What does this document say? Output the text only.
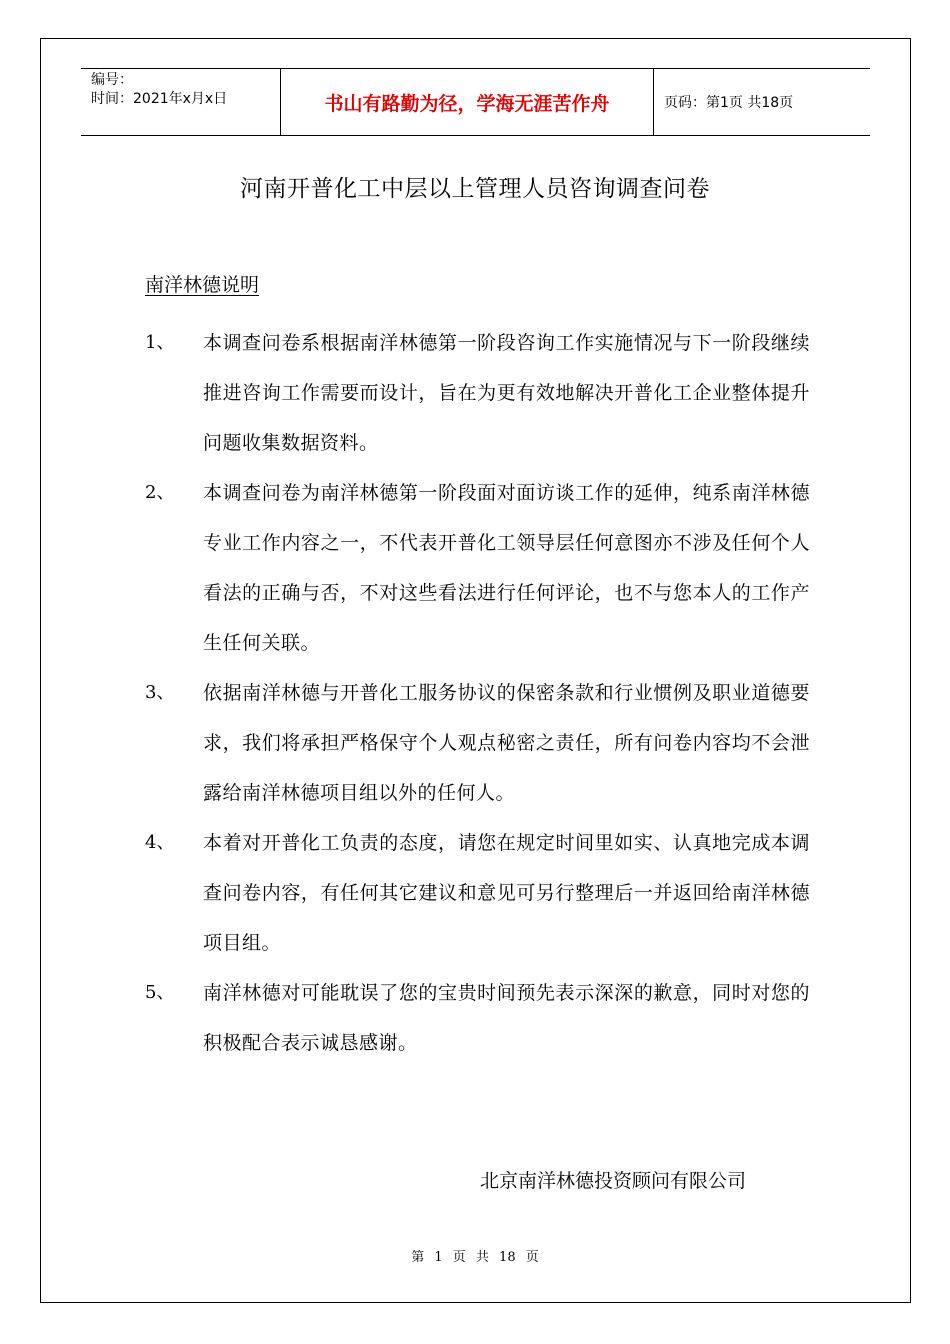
编号：
时间：2021年x月x日	书山有路勤为径，学海无涯苦作舟	页码：第1页 共18页
河南开普化工中层以上管理人员咨询调查问卷
南洋林德说明
1、	本调查问卷系根据南洋林德第一阶段咨询工作实施情况与下一阶段继续推进咨询工作需要而设计，旨在为更有效地解决开普化工企业整体提升问题收集数据资料。
2、	本调查问卷为南洋林德第一阶段面对面访谈工作的延伸，纯系南洋林德专业工作内容之一，不代表开普化工领导层任何意图亦不涉及任何个人看法的正确与否，不对这些看法进行任何评论，也不与您本人的工作产生任何关联。
3、	依据南洋林德与开普化工服务协议的保密条款和行业惯例及职业道德要求，我们将承担严格保守个人观点秘密之责任，所有问卷内容均不会泄露给南洋林德项目组以外的任何人。
4、	本着对开普化工负责的态度，请您在规定时间里如实、认真地完成本调查问卷内容，有任何其它建议和意见可另行整理后一并返回给南洋林德项目组。
5、	南洋林德对可能耽误了您的宝贵时间预先表示深深的歉意，同时对您的积极配合表示诚恳感谢。
北京南洋林德投资顾问有限公司
第 1 页 共 18 页
